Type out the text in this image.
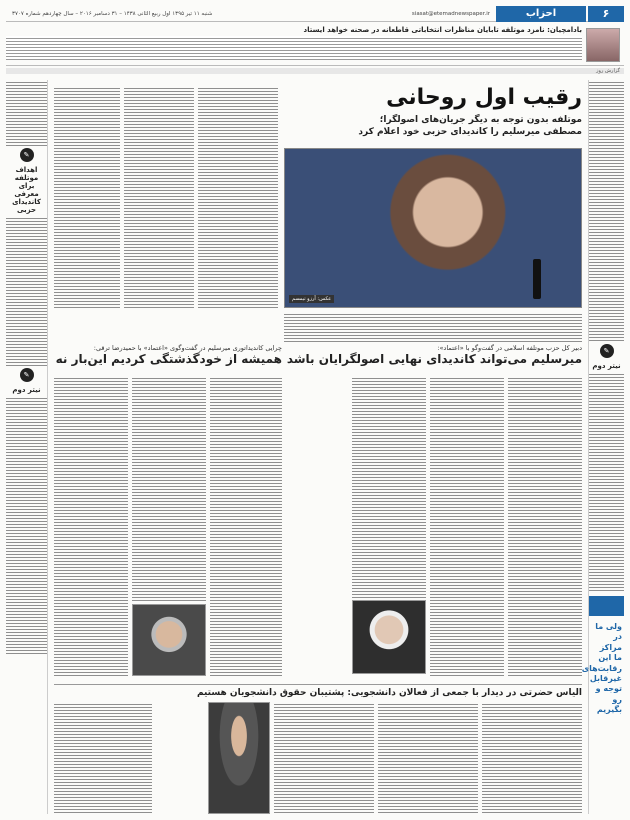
۶
احزاب
siasat@etemadnewspaper.ir
شنبه ۱۱ تیر ۱۳۹۵ اول ربیع الثانی ۱۴۳۸ – ۳۱ دسامبر ۲۰۱۶ – سال چهاردهم شماره ۳۷۰۷
بادامچیان: نامزد موتلفه تابایان مناظرات انتخاباتی قاطعانه در صحنه خواهد ایستاد
گزارش روز
✎
نیتر دوم
ولی ما در مراکز ما این رقابت‌های غیرقابل توجه و رو بگیریم
✎
اهداف موتلفه برای معرفی کاندیدای حزبی
✎
نیتر دوم
رقیب اول روحانی
موتلفه بدون توجه به دیگر جریان‌های اصولگرا؛
مصطفی میرسلیم را کاندیدای حزبی خود اعلام کرد
عکس: آرزو تیمسم
دبیر کل حزب موتلفه اسلامی در گفت‌وگو با «اعتماد»:
میرسلیم می‌تواند کاندیدای نهایی اصولگرایان باشد
چرایی کاندیداتوری میرسلیم در گفت‌وگوی «اعتماد» با حمیدرضا ترقی:
همیشه از خودگذشتگی کردیم این‌بار نه
الیاس حضرتی در دیدار با جمعی از فعالان دانشجویی: پشتیبان حقوق دانشجویان هستیم
